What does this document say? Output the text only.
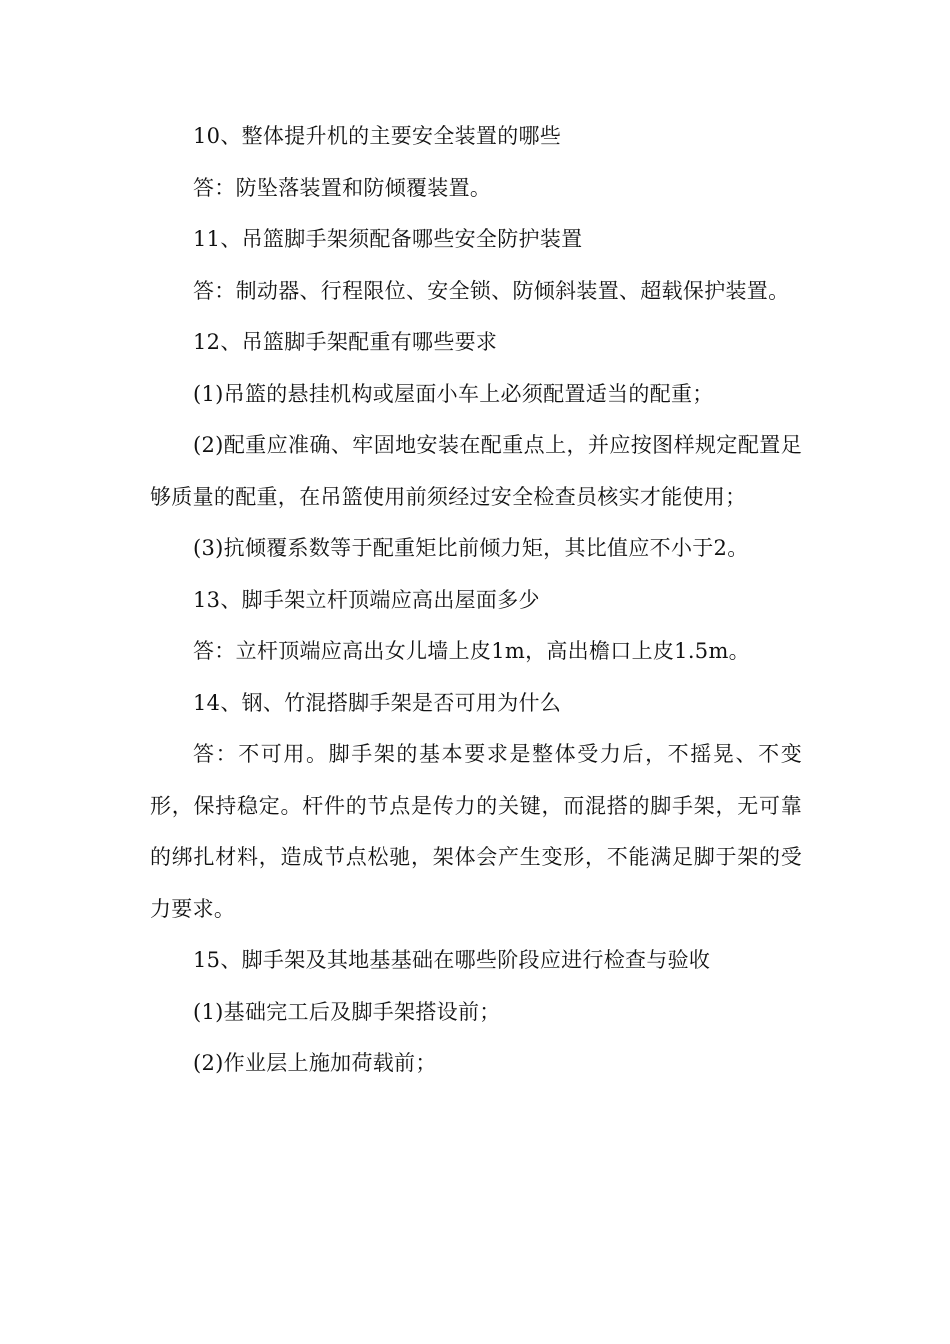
10、整体提升机的主要安全装置的哪些

答：防坠落装置和防倾覆装置。

11、吊篮脚手架须配备哪些安全防护装置

答：制动器、行程限位、安全锁、防倾斜装置、超载保护装置。

12、吊篮脚手架配重有哪些要求

(1)吊篮的悬挂机构或屋面小车上必须配置适当的配重；

(2)配重应准确、牢固地安装在配重点上，并应按图样规定配置足够质量的配重，在吊篮使用前须经过安全检查员核实才能使用；

(3)抗倾覆系数等于配重矩比前倾力矩，其比值应不小于2。

13、脚手架立杆顶端应高出屋面多少

答：立杆顶端应高出女儿墙上皮1m，高出檐口上皮1.5m。

14、钢、竹混搭脚手架是否可用为什么

答：不可用。脚手架的基本要求是整体受力后，不摇晃、不变形，保持稳定。杆件的节点是传力的关键，而混搭的脚手架，无可靠的绑扎材料，造成节点松驰，架体会产生变形，不能满足脚于架的受力要求。

15、脚手架及其地基基础在哪些阶段应进行检查与验收

(1)基础完工后及脚手架搭设前；

(2)作业层上施加荷载前；
